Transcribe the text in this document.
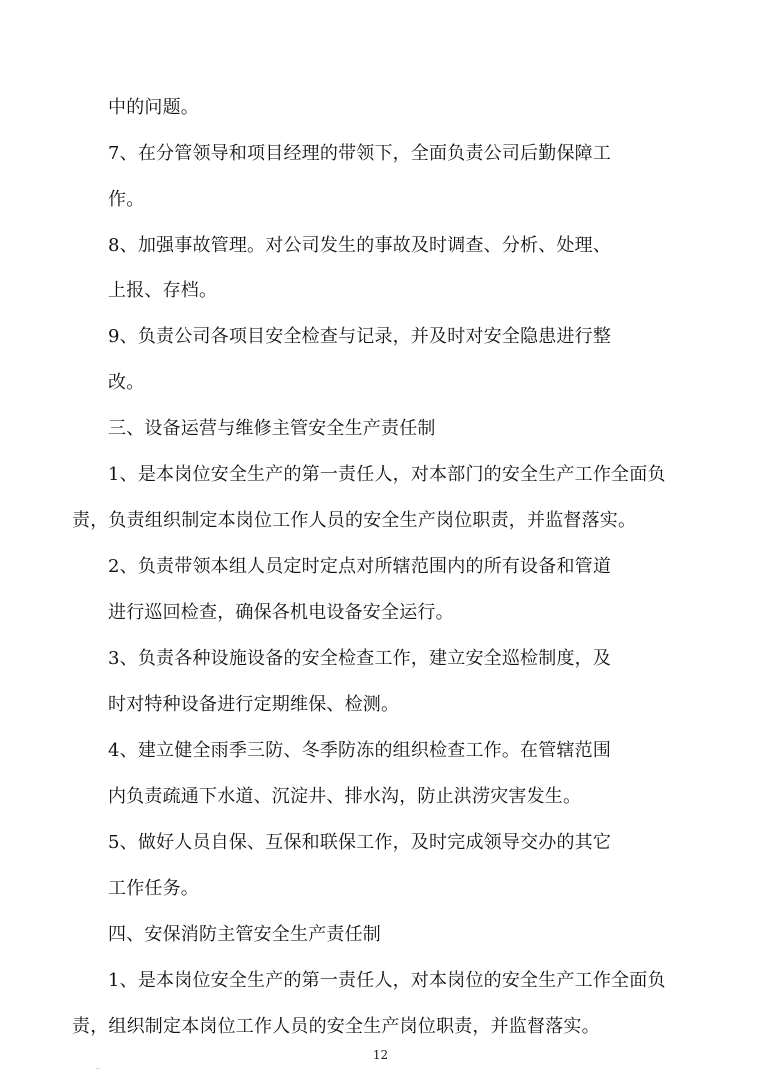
中的问题。
7、在分管领导和项目经理的带领下，全面负责公司后勤保障工
作。
8、加强事故管理。对公司发生的事故及时调查、分析、处理、
上报、存档。
9、负责公司各项目安全检查与记录，并及时对安全隐患进行整
改。
三、设备运营与维修主管安全生产责任制
1、是本岗位安全生产的第一责任人，对本部门的安全生产工作全面负
责，负责组织制定本岗位工作人员的安全生产岗位职责，并监督落实。
2、负责带领本组人员定时定点对所辖范围内的所有设备和管道
进行巡回检查，确保各机电设备安全运行。
3、负责各种设施设备的安全检查工作，建立安全巡检制度，及
时对特种设备进行定期维保、检测。
4、建立健全雨季三防、冬季防冻的组织检查工作。在管辖范围
内负责疏通下水道、沉淀井、排水沟，防止洪涝灾害发生。
5、做好人员自保、互保和联保工作，及时完成领导交办的其它
工作任务。
四、安保消防主管安全生产责任制
1、是本岗位安全生产的第一责任人，对本岗位的安全生产工作全面负
责，组织制定本岗位工作人员的安全生产岗位职责，并监督落实。
12
..
